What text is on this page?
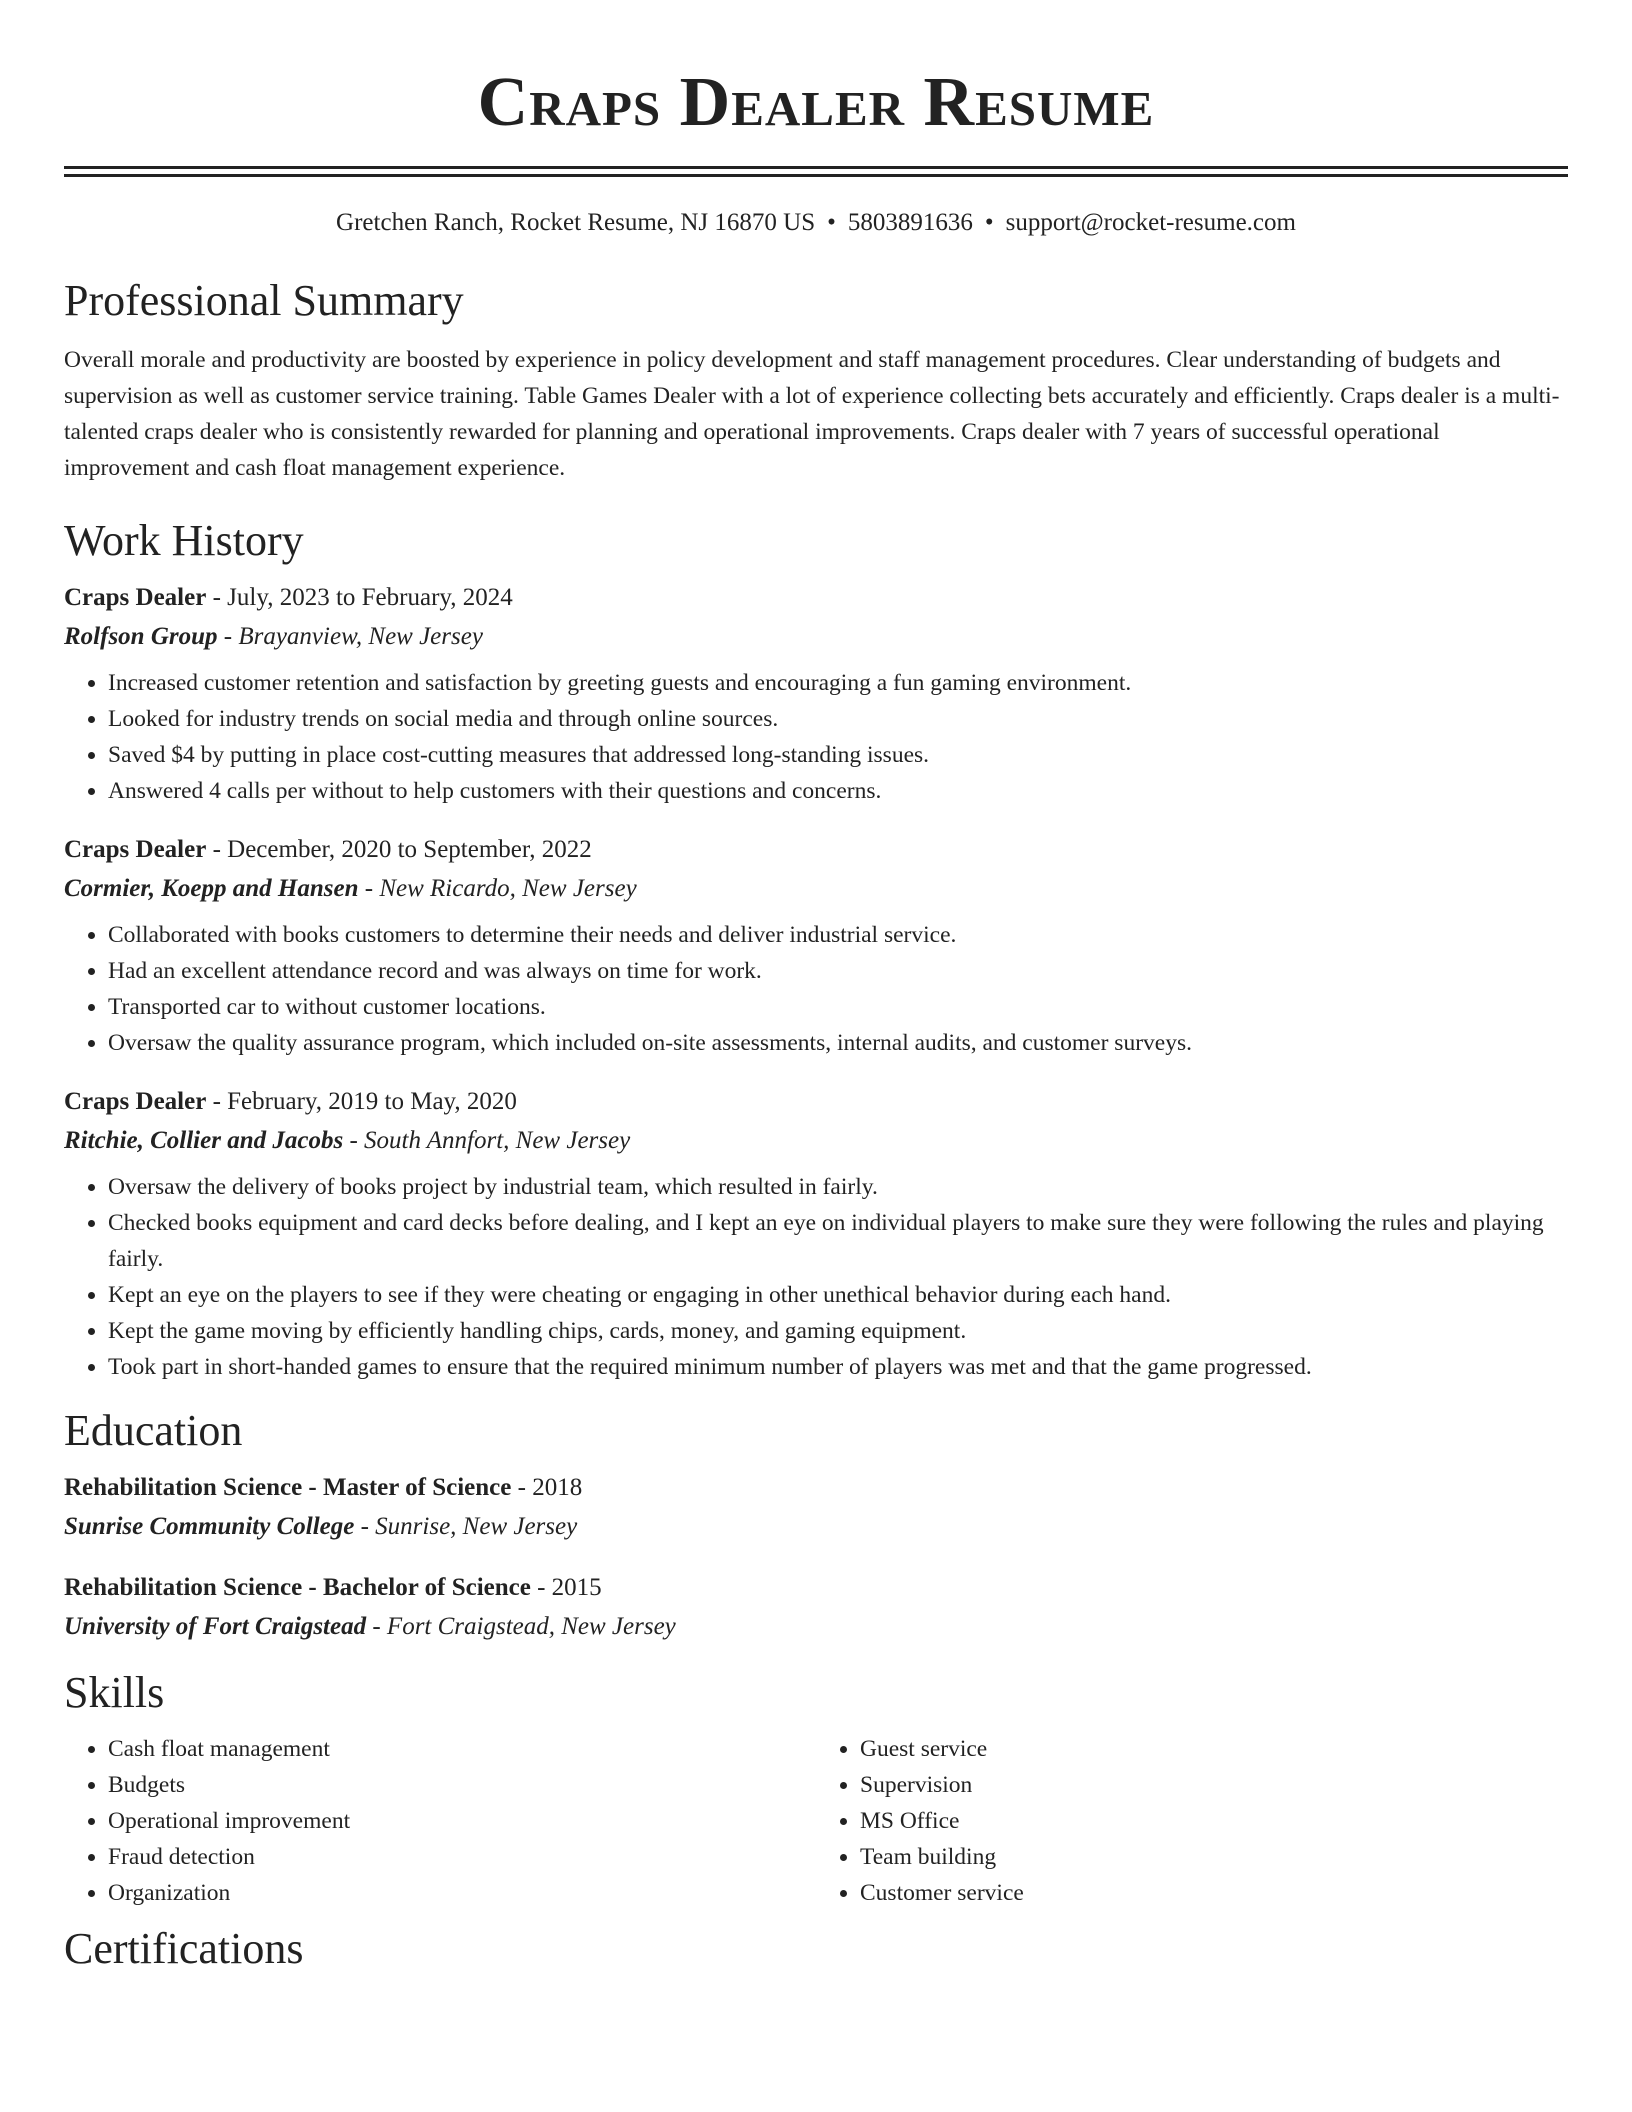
Craps Dealer Resume
Gretchen Ranch, Rocket Resume, NJ 16870 US • 5803891636 • support@rocket-resume.com
Professional Summary
Overall morale and productivity are boosted by experience in policy development and staff management procedures. Clear understanding of budgets and supervision as well as customer service training. Table Games Dealer with a lot of experience collecting bets accurately and efficiently. Craps dealer is a multi-talented craps dealer who is consistently rewarded for planning and operational improvements. Craps dealer with 7 years of successful operational improvement and cash float management experience.
Work History
Craps Dealer - July, 2023 to February, 2024
Rolfson Group - Brayanview, New Jersey
• Increased customer retention and satisfaction by greeting guests and encouraging a fun gaming environment.
• Looked for industry trends on social media and through online sources.
• Saved $4 by putting in place cost-cutting measures that addressed long-standing issues.
• Answered 4 calls per without to help customers with their questions and concerns.
Craps Dealer - December, 2020 to September, 2022
Cormier, Koepp and Hansen - New Ricardo, New Jersey
• Collaborated with books customers to determine their needs and deliver industrial service.
• Had an excellent attendance record and was always on time for work.
• Transported car to without customer locations.
• Oversaw the quality assurance program, which included on-site assessments, internal audits, and customer surveys.
Craps Dealer - February, 2019 to May, 2020
Ritchie, Collier and Jacobs - South Annfort, New Jersey
• Oversaw the delivery of books project by industrial team, which resulted in fairly.
• Checked books equipment and card decks before dealing, and I kept an eye on individual players to make sure they were following the rules and playing fairly.
• Kept an eye on the players to see if they were cheating or engaging in other unethical behavior during each hand.
• Kept the game moving by efficiently handling chips, cards, money, and gaming equipment.
• Took part in short-handed games to ensure that the required minimum number of players was met and that the game progressed.
Education
Rehabilitation Science - Master of Science - 2018
Sunrise Community College - Sunrise, New Jersey
Rehabilitation Science - Bachelor of Science - 2015
University of Fort Craigstead - Fort Craigstead, New Jersey
Skills
• Cash float management
• Budgets
• Operational improvement
• Fraud detection
• Organization
• Guest service
• Supervision
• MS Office
• Team building
• Customer service
Certifications
